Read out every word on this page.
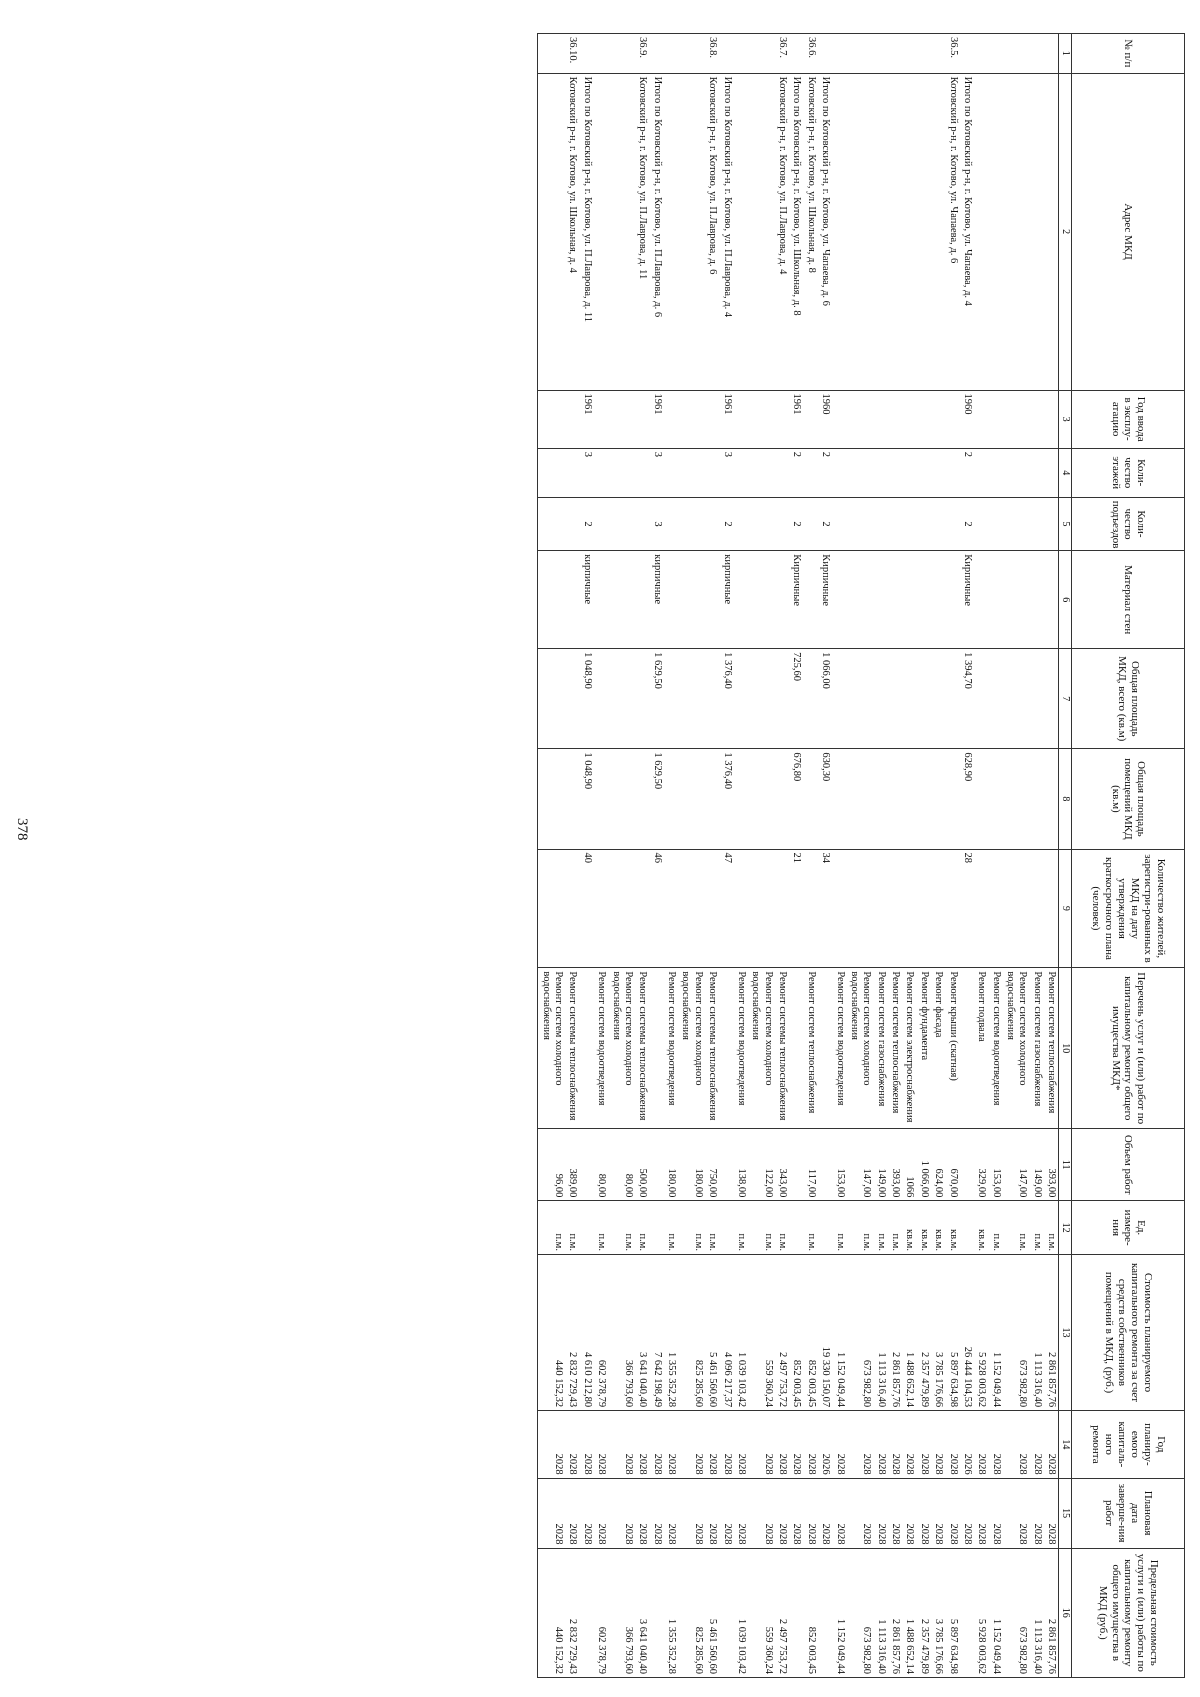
378
№ п/п	Адрес МКД	Год ввода в эксплу-атацию	Коли-чество этажей	Коли-чество подъездов	Материал стен	Общая площадь МКД, всего (кв.м)	Общая площадь помещений МКД (кв.м)	Количество жителей, зарегистри-рованных в МКД на дату утверждения краткосрочного плана (человек)	Перечень услуг и (или) работ по капитальному ремонту общего имущества МКД*	Объем работ	Ед. измере-ния	Стоимость планируемого капитального ремонта за счет средств собственников помещений в МКД, (руб.)	Год планиру-емого капиталь-ного ремонта	Плановая дата заверше-ния работ	Предельная стоимость услуги и (или) работы по капитальному ремонту общего имущества в МКД (руб.)
1	2	3	4	5	6	7	8	9	10	11	12	13	14	15	16
									Ремонт систем теплоснабжения	393,00	п.м.	2 861 857,76	2028	2028	2 861 857,76
									Ремонт систем газоснабжения	149,00	п.м.	1 113 316,40	2028	2028	1 113 316,40
									Ремонт систем холодного водоснабжения	147,00	п.м.	673 982,80	2028	2028	673 982,80
									Ремонт систем водоотведения	153,00	п.м.	1 152 049,44	2028	2028	1 152 049,44
									Ремонт подвала	329,00	кв.м.	5 928 003,62	2028	2028	5 928 003,62
	Итого по Котовский р-н, г. Котово, ул. Чапаева, д. 4	1960	2	2	Кирпичные	1 394,70	628,90	28				26 444 104,53	2026	2028	
36.5.	Котовский р-н, г. Котово, ул. Чапаева, д. 6								Ремонт крыши (скатная)	670,00	кв.м.	5 897 634,98	2028	2028	5 897 634,98
									Ремонт фасада	624,00	кв.м.	3 785 176,66	2028	2028	3 785 176,66
									Ремонт фундамента	1 066,00	кв.м.	2 357 479,89	2028	2028	2 357 479,89
									Ремонт систем электроснабжения	1066	кв.м.	1 488 652,14	2028	2028	1 488 652,14
									Ремонт систем теплоснабжения	393,00	п.м.	2 861 857,76	2028	2028	2 861 857,76
									Ремонт систем газоснабжения	149,00	п.м.	1 113 316,40	2028	2028	1 113 316,40
									Ремонт систем холодного водоснабжения	147,00	п.м.	673 982,80	2028	2028	673 982,80
									Ремонт систем водоотведения	153,00	п.м.	1 152 049,44	2028	2028	1 152 049,44
	Итого по Котовский р-н, г. Котово, ул. Чапаева, д. 6	1960	2	2	Кирпичные	1 066,00	630,30	34				19 330 150,07	2026	2028	
36.6.	Котовский р-н, г. Котово, ул. Школьная, д. 8								Ремонт систем теплоснабжения	117,00	п.м.	852 003,45	2028	2028	852 003,45
	Итого по Котовский р-н, г. Котово, ул. Школьная, д. 8	1961	2	2	Кирпичные	725,60	676,80	21				852 003,45	2028	2028	
36.7.	Котовский р-н, г. Котово, ул. П.Лаврова, д. 4								Ремонт системы теплоснабжения	343,00	п.м.	2 497 753,72	2028	2028	2 497 753,72
									Ремонт систем холодного водоснабжения	122,00	п.м.	559 360,24	2028	2028	559 360,24
									Ремонт систем водоотведения	138,00	п.м.	1 039 103,42	2028	2028	1 039 103,42
	Итого по Котовский р-н, г. Котово, ул. П.Лаврова, д. 4	1961	3	2	кирпичные	1 376,40	1 376,40	47				4 096 217,37	2028	2028	
36.8.	Котовский р-н, г. Котово, ул. П.Лаврова, д. 6								Ремонт системы теплоснабжения	750,00	п.м.	5 461 560,60	2028	2028	5 461 560,60
									Ремонт систем холодного водоснабжения	180,00	п.м.	825 285,60	2028	2028	825 285,60
									Ремонт систем водоотведения	180,00	п.м.	1 355 352,28	2028	2028	1 355 352,28
	Итого по Котовский р-н, г. Котово, ул. П.Лаврова, д. 6	1961	3	3	кирпичные	1 629,50	1 629,50	46				7 642 198,49	2028	2028	
36.9.	Котовский р-н, г. Котово, ул. П.Лаврова, д. 11								Ремонт системы теплоснабжения	500,00	п.м.	3 641 040,40	2028	2028	3 641 040,40
									Ремонт систем холодного водоснабжения	80,00	п.м.	366 793,60	2028	2028	366 793,60
									Ремонт систем водоотведения	80,00	п.м.	602 378,79	2028	2028	602 378,79
	Итого по Котовский р-н, г. Котово, ул. П.Лаврова, д. 11	1961	3	2	кирпичные	1 048,90	1 048,90	40				4 610 212,80	2028	2028	
36.10.	Котовский р-н, г. Котово, ул. Школьная, д. 4								Ремонт системы теплоснабжения	389,00	п.м.	2 832 729,43	2028	2028	2 832 729,43
									Ремонт систем холодного водоснабжения	96,00	п.м.	440 152,32	2028	2028	440 152,32
